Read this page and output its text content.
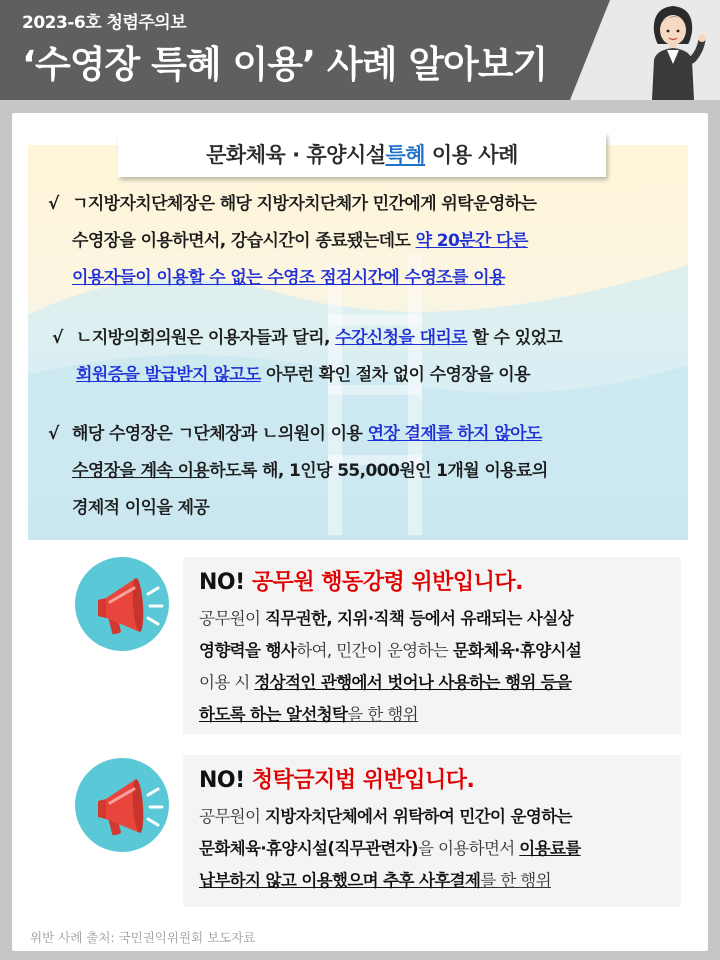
2023-6호 청렴주의보
‘수영장 특혜 이용’ 사례 알아보기
문화체육 · 휴양시설특혜 이용 사례
√ ㄱ지방자치단체장은 해당 지방자치단체가 민간에게 위탁운영하는
수영장을 이용하면서, 강습시간이 종료됐는데도 약 20분간 다른
이용자들이 이용할 수 없는 수영조 점검시간에 수영조를 이용
√ ㄴ지방의회의원은 이용자들과 달리, 수강신청을 대리로 할 수 있었고
회원증을 발급받지 않고도 아무런 확인 절차 없이 수영장을 이용
√ 해당 수영장은 ㄱ단체장과 ㄴ의원이 이용 연장 결제를 하지 않아도
수영장을 계속 이용하도록 해, 1인당 55,000원인 1개월 이용료의
경제적 이익을 제공
NO! 공무원 행동강령 위반입니다.
공무원이 직무권한, 지위·직책 등에서 유래되는 사실상
영향력을 행사하여, 민간이 운영하는 문화체육·휴양시설
이용 시 정상적인 관행에서 벗어나 사용하는 행위 등을
하도록 하는 알선청탁을 한 행위
NO! 청탁금지법 위반입니다.
공무원이 지방자치단체에서 위탁하여 민간이 운영하는
문화체육·휴양시설(직무관련자)을 이용하면서 이용료를
납부하지 않고 이용했으며 추후 사후결제를 한 행위
위반 사례 출처: 국민권익위원회 보도자료
